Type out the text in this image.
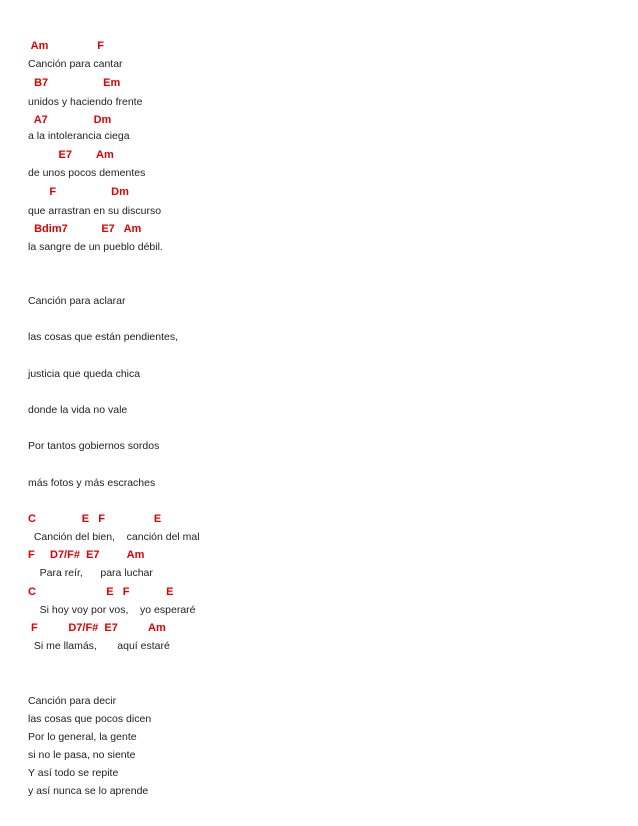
Am                F
Canción para cantar
B7                  Em
unidos y haciendo frente
A7               Dm
a la intolerancia ciega
E7        Am
de unos pocos dementes
F                  Dm
que arrastran en su discurso
Bdim7           E7   Am
la sangre de un pueblo débil.
Canción para aclarar
las cosas que están pendientes,
justicia que queda chica
donde la vida no vale
Por tantos gobiernos sordos
más fotos y más escraches
C               E   F                E
Canción del bien,    canción del mal
F     D7/F#  E7         Am
Para reír,      para luchar
C                       E   F            E
Si hoy voy por vos,    yo esperaré
F          D7/F#  E7          Am
Si me llamás,       aquí estaré
Canción para decir
las cosas que pocos dicen
Por lo general, la gente
si no le pasa, no siente
Y así todo se repite
y así nunca se lo aprende
